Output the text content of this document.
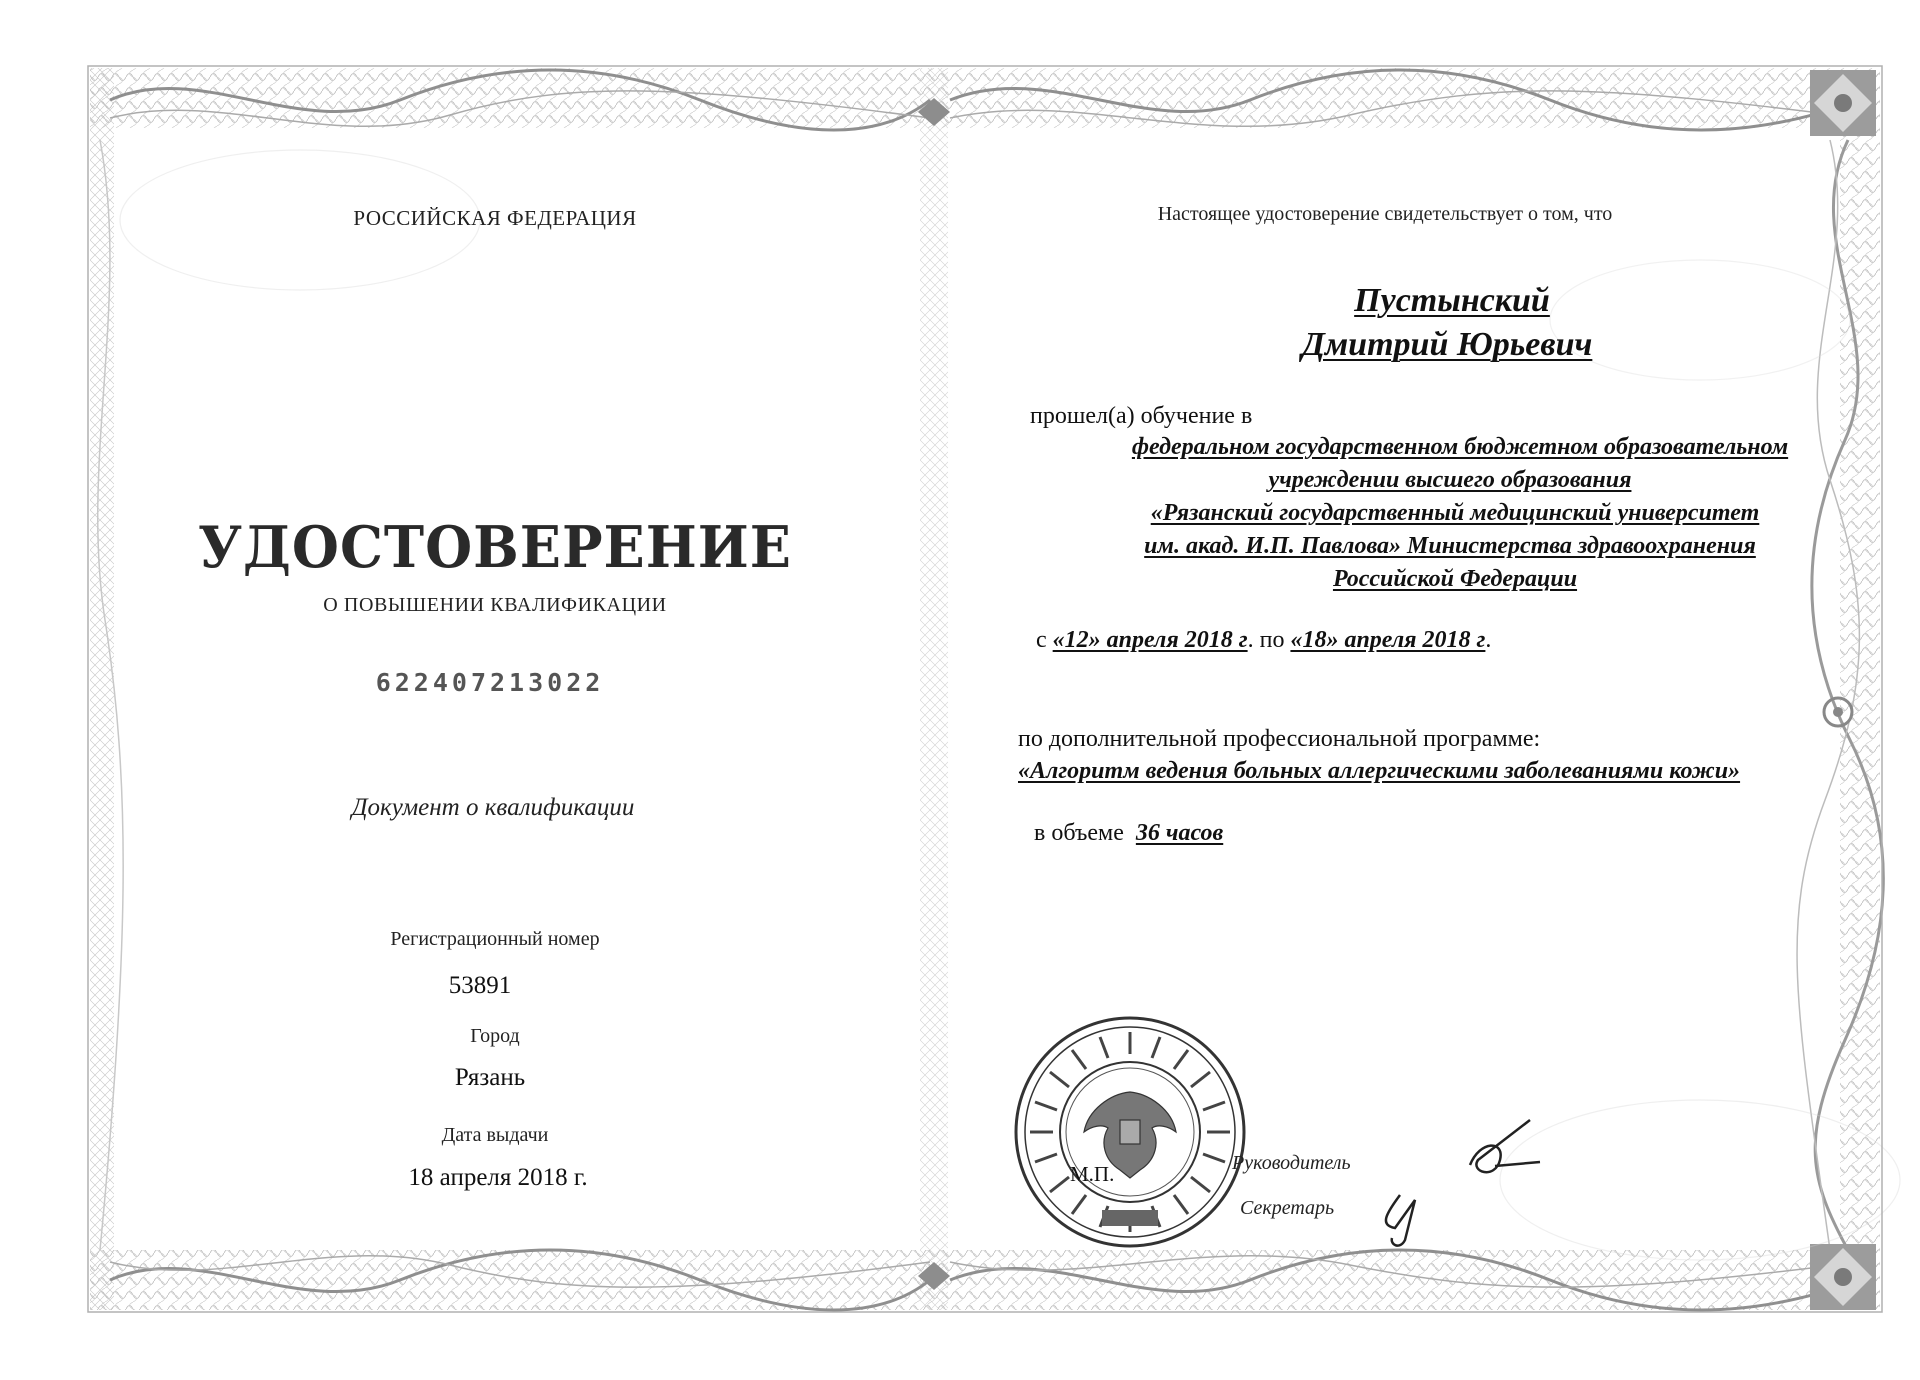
РОССИЙСКАЯ ФЕДЕРАЦИЯ
УДОСТОВЕРЕНИЕ
О ПОВЫШЕНИИ КВАЛИФИКАЦИИ
622407213022
Документ о квалификации
Регистрационный номер
53891
Город
Рязань
Дата выдачи
18 апреля 2018 г.
Настоящее удостоверение свидетельствует о том, что
Пустынский
Дмитрий Юрьевич
прошел(а) обучение в
федеральном государственном бюджетном образовательном
учреждении высшего образования
«Рязанский государственный медицинский университет
им. акад. И.П. Павлова» Министерства здравоохранения
Российской Федерации
с «12» апреля 2018 г. по «18» апреля 2018 г.
по дополнительной профессиональной программе:
«Алгоритм ведения больных аллергическими заболеваниями кожи»
в объеме 36 часов
М.П.	Руководитель
Секретарь
